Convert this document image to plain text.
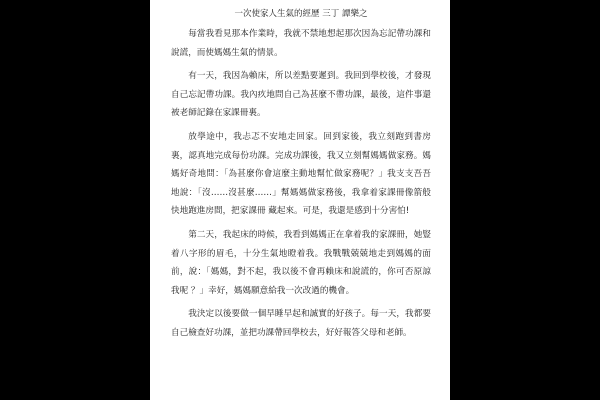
一次使家人生氣的經歷 三丁 譚樂之

每當我看見那本作業時，我就不禁地想起那次因為忘記帶功課和說謊，而使媽媽生氣的情景。

有一天，我因為賴床，所以差點要遲到。我回到學校後，才發現自己忘記帶功課。我內疚地問自己為甚麼不帶功課，最後，這件事還被老師記錄在家課冊裏。

放學途中，我忐忑不安地走回家。回到家後，我立刻跑到書房裏，認真地完成每份功課。完成功課後，我又立刻幫媽媽做家務。媽媽好奇地問：「為甚麼你會這麼主動地幫忙做家務呢？」我支支吾吾地說：「沒……沒甚麼……」幫媽媽做家務後，我拿着家課冊像箭般快地跑進房間，把家課冊 藏起來。可是，我還是感到十分害怕!

第二天，我起床的時候，我看到媽媽正在拿着我的家課冊，她豎着八字形的眉毛，十分生氣地瞪着我。我戰戰兢兢地走到媽媽的面前，說：「媽媽，對不起，我以後不會再賴床和說謊的，你可否原諒我呢 ？」幸好，媽媽願意給我一次改過的機會。

我決定以後要做一個早睡早起和誠實的好孩子。每一天，我都要自己檢查好功課，並把功課帶回學校去，好好報答父母和老師。
